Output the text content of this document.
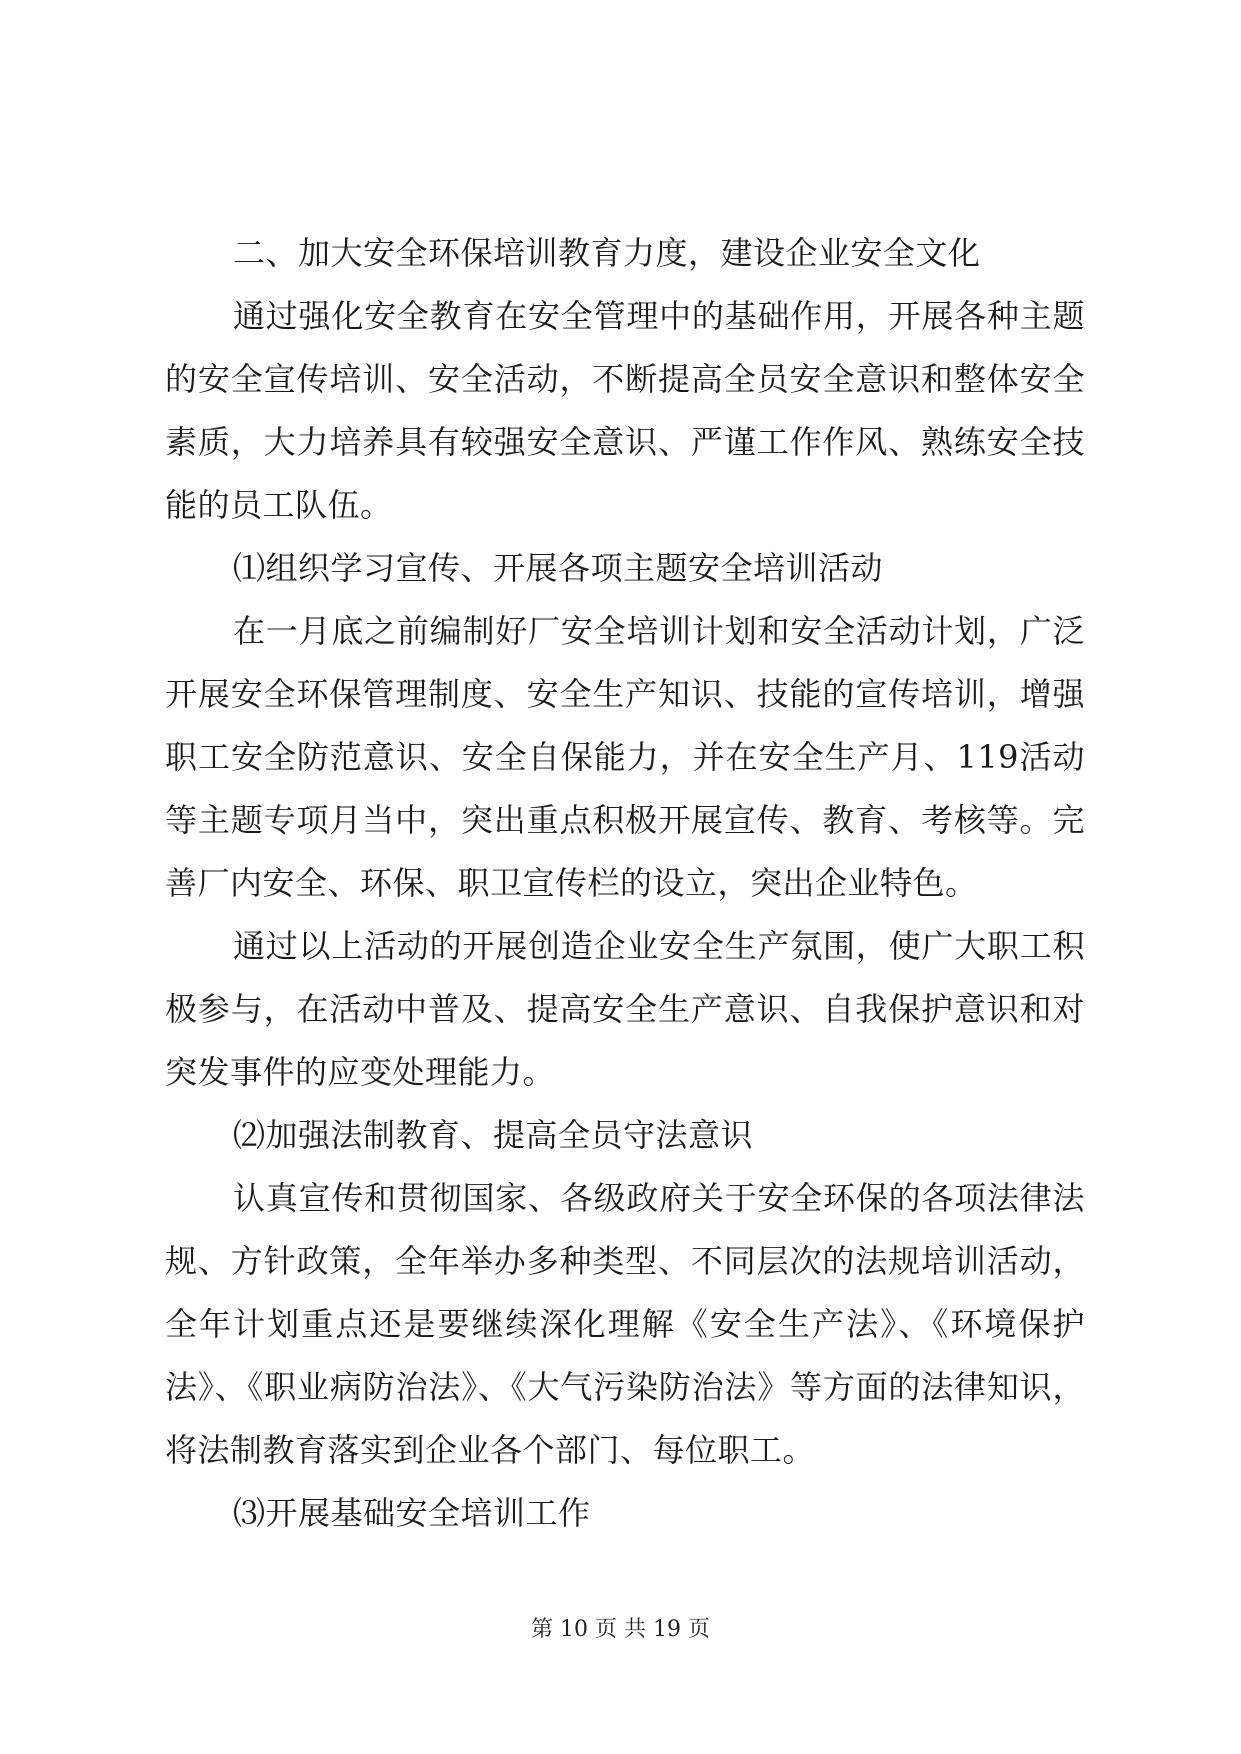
二、加大安全环保培训教育力度，建设企业安全文化

通过强化安全教育在安全管理中的基础作用，开展各种主题的安全宣传培训、安全活动，不断提高全员安全意识和整体安全素质，大力培养具有较强安全意识、严谨工作作风、熟练安全技能的员工队伍。

⑴组织学习宣传、开展各项主题安全培训活动

在一月底之前编制好厂安全培训计划和安全活动计划，广泛开展安全环保管理制度、安全生产知识、技能的宣传培训，增强职工安全防范意识、安全自保能力，并在安全生产月、119活动等主题专项月当中，突出重点积极开展宣传、教育、考核等。完善厂内安全、环保、职卫宣传栏的设立，突出企业特色。

通过以上活动的开展创造企业安全生产氛围，使广大职工积极参与，在活动中普及、提高安全生产意识、自我保护意识和对突发事件的应变处理能力。

⑵加强法制教育、提高全员守法意识

认真宣传和贯彻国家、各级政府关于安全环保的各项法律法规、方针政策，全年举办多种类型、不同层次的法规培训活动，全年计划重点还是要继续深化理解《安全生产法》、《环境保护法》、《职业病防治法》、《大气污染防治法》等方面的法律知识，将法制教育落实到企业各个部门、每位职工。

⑶开展基础安全培训工作

第 10 页 共 19 页
